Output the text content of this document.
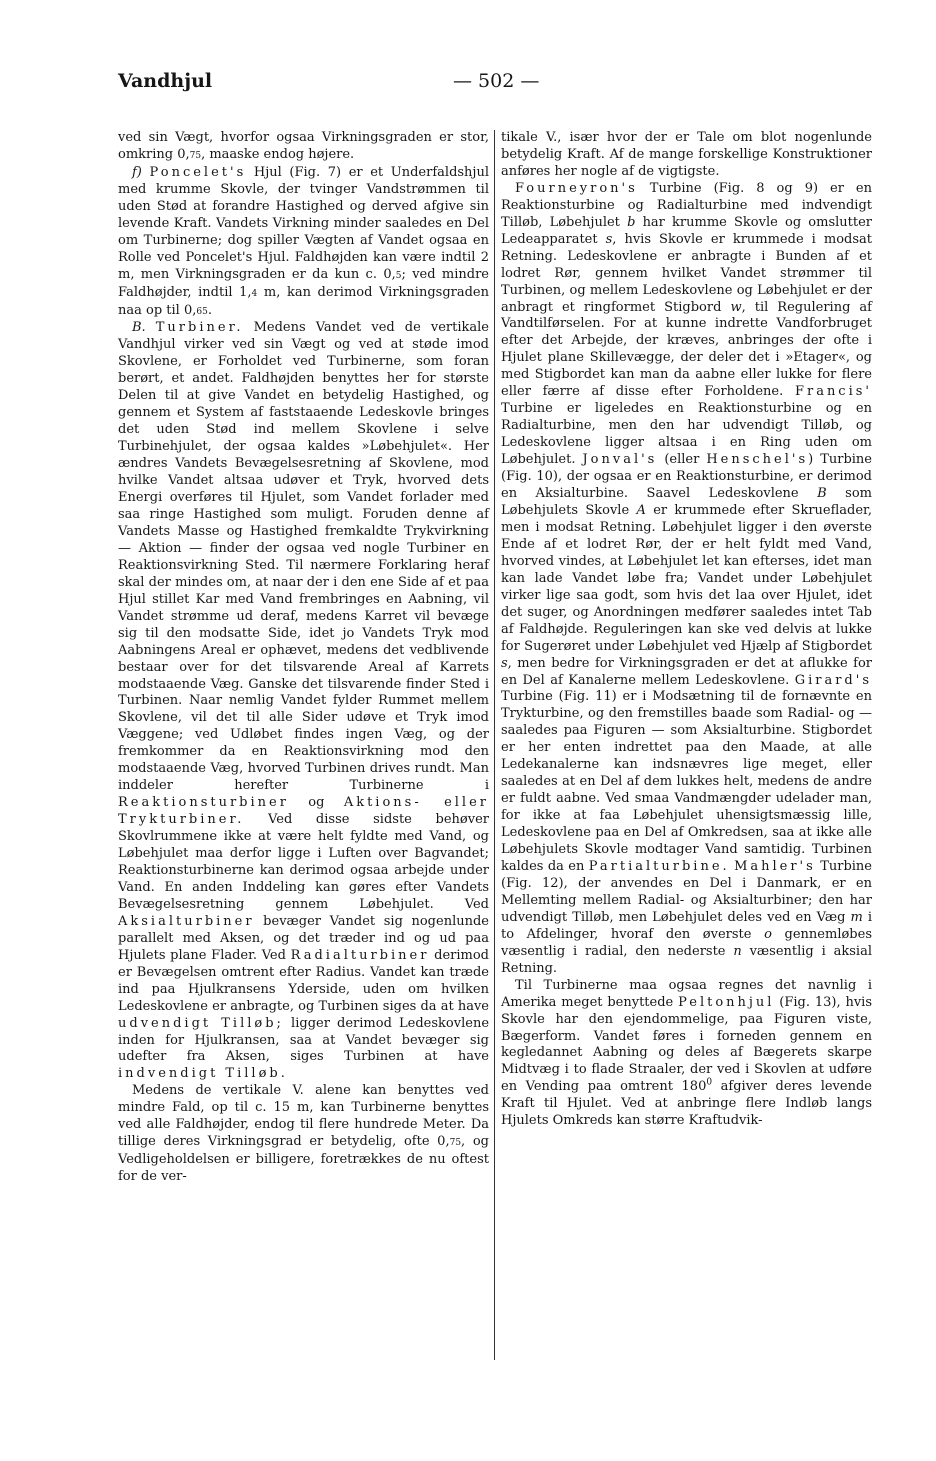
Vandhjul	— 502 —

ved sin Vægt, hvorfor ogsaa Virkningsgraden er stor, omkring 0,75, maaske endog højere.

f) Poncelet's Hjul (Fig. 7) er et Underfaldshjul med krumme Skovle, der tvinger Vandstrømmen til uden Stød at forandre Hastighed og derved afgive sin levende Kraft. Vandets Virkning minder saaledes en Del om Turbinerne; dog spiller Vægten af Vandet ogsaa en Rolle ved Poncelet's Hjul. Faldhøjden kan være indtil 2 m, men Virkningsgraden er da kun c. 0,5; ved mindre Faldhøjder, indtil 1,4 m, kan derimod Virkningsgraden naa op til 0,65.

B. Turbiner. Medens Vandet ved de vertikale Vandhjul virker ved sin Vægt og ved at støde imod Skovlene, er Forholdet ved Turbinerne, som foran berørt, et andet. Faldhøjden benyttes her for største Delen til at give Vandet en betydelig Hastighed, og gennem et System af faststaaende Ledeskovle bringes det uden Stød ind mellem Skovlene i selve Turbinehjulet, der ogsaa kaldes »Løbehjulet«. Her ændres Vandets Bevægelsesretning af Skovlene, mod hvilke Vandet altsaa udøver et Tryk, hvorved dets Energi overføres til Hjulet, som Vandet forlader med saa ringe Hastighed som muligt. Foruden denne af Vandets Masse og Hastighed fremkaldte Trykvirkning — Aktion — finder der ogsaa ved nogle Turbiner en Reaktionsvirkning Sted. Til nærmere Forklaring heraf skal der mindes om, at naar der i den ene Side af et paa Hjul stillet Kar med Vand frembringes en Aabning, vil Vandet strømme ud deraf, medens Karret vil bevæge sig til den modsatte Side, idet jo Vandets Tryk mod Aabningens Areal er ophævet, medens det vedblivende bestaar over for det tilsvarende Areal af Karrets modstaaende Væg. Ganske det tilsvarende finder Sted i Turbinen. Naar nemlig Vandet fylder Rummet mellem Skovlene, vil det til alle Sider udøve et Tryk imod Væggene; ved Udløbet findes ingen Væg, og der fremkommer da en Reaktionsvirkning mod den modstaaende Væg, hvorved Turbinen drives rundt. Man inddeler herefter Turbinerne i Reaktionsturbiner og Aktions- eller Trykturbiner. Ved disse sidste behøver Skovlrummene ikke at være helt fyldte med Vand, og Løbehjulet maa derfor ligge i Luften over Bagvandet; Reaktionsturbinerne kan derimod ogsaa arbejde under Vand. En anden Inddeling kan gøres efter Vandets Bevægelsesretning gennem Løbehjulet. Ved Aksialturbiner bevæger Vandet sig nogenlunde parallelt med Aksen, og det træder ind og ud paa Hjulets plane Flader. Ved Radialturbiner derimod er Bevægelsen omtrent efter Radius. Vandet kan træde ind paa Hjulkransens Yderside, uden om hvilken Ledeskovlene er anbragte, og Turbinen siges da at have udvendigt Tilløb; ligger derimod Ledeskovlene inden for Hjulkransen, saa at Vandet bevæger sig udefter fra Aksen, siges Turbinen at have indvendigt Tilløb.

Medens de vertikale V. alene kan benyttes ved mindre Fald, op til c. 15 m, kan Turbinerne benyttes ved alle Faldhøjder, endog til flere hundrede Meter. Da tillige deres Virkningsgrad er betydelig, ofte 0,75, og Vedligeholdelsen er billigere, foretrækkes de nu oftest for de ver-

tikale V., især hvor der er Tale om blot nogenlunde betydelig Kraft. Af de mange forskellige Konstruktioner anføres her nogle af de vigtigste.

Fourneyron's Turbine (Fig. 8 og 9) er en Reaktionsturbine og Radialturbine med indvendigt Tilløb, Løbehjulet b har krumme Skovle og omslutter Ledeapparatet s, hvis Skovle er krummede i modsat Retning. Ledeskovlene er anbragte i Bunden af et lodret Rør, gennem hvilket Vandet strømmer til Turbinen, og mellem Ledeskovlene og Løbehjulet er der anbragt et ringformet Stigbord w, til Regulering af Vandtilførselen. For at kunne indrette Vandforbruget efter det Arbejde, der kræves, anbringes der ofte i Hjulet plane Skillevægge, der deler det i »Etager«, og med Stigbordet kan man da aabne eller lukke for flere eller færre af disse efter Forholdene. Francis' Turbine er ligeledes en Reaktionsturbine og en Radialturbine, men den har udvendigt Tilløb, og Ledeskovlene ligger altsaa i en Ring uden om Løbehjulet. Jonval's (eller Henschel's) Turbine (Fig. 10), der ogsaa er en Reaktionsturbine, er derimod en Aksialturbine. Saavel Ledeskovlene B som Løbehjulets Skovle A er krummede efter Skrueflader, men i modsat Retning. Løbehjulet ligger i den øverste Ende af et lodret Rør, der er helt fyldt med Vand, hvorved vindes, at Løbehjulet let kan efterses, idet man kan lade Vandet løbe fra; Vandet under Løbehjulet virker lige saa godt, som hvis det laa over Hjulet, idet det suger, og Anordningen medfører saaledes intet Tab af Faldhøjde. Reguleringen kan ske ved delvis at lukke for Sugerøret under Løbehjulet ved Hjælp af Stigbordet s, men bedre for Virkningsgraden er det at aflukke for en Del af Kanalerne mellem Ledeskovlene. Girard's Turbine (Fig. 11) er i Modsætning til de fornævnte en Trykturbine, og den fremstilles baade som Radial- og — saaledes paa Figuren — som Aksialturbine. Stigbordet er her enten indrettet paa den Maade, at alle Ledekanalerne kan indsnævres lige meget, eller saaledes at en Del af dem lukkes helt, medens de andre er fuldt aabne. Ved smaa Vandmængder udelader man, for ikke at faa Løbehjulet uhensigtsmæssig lille, Ledeskovlene paa en Del af Omkredsen, saa at ikke alle Løbehjulets Skovle modtager Vand samtidig. Turbinen kaldes da en Partialturbine. Mahler's Turbine (Fig. 12), der anvendes en Del i Danmark, er en Mellemting mellem Radial- og Aksialturbiner; den har udvendigt Tilløb, men Løbehjulet deles ved en Væg m i to Afdelinger, hvoraf den øverste o gennemløbes væsentlig i radial, den nederste n væsentlig i aksial Retning.

Til Turbinerne maa ogsaa regnes det navnlig i Amerika meget benyttede Peltonhjul (Fig. 13), hvis Skovle har den ejendommelige, paa Figuren viste, Bægerform. Vandet føres i forneden gennem en kegledannet Aabning og deles af Bægerets skarpe Midtvæg i to flade Straaler, der ved i Skovlen at udføre en Vending paa omtrent $180^0$ afgiver deres levende Kraft til Hjulet. Ved at anbringe flere Indløb langs Hjulets Omkreds kan større Kraftudvik-
